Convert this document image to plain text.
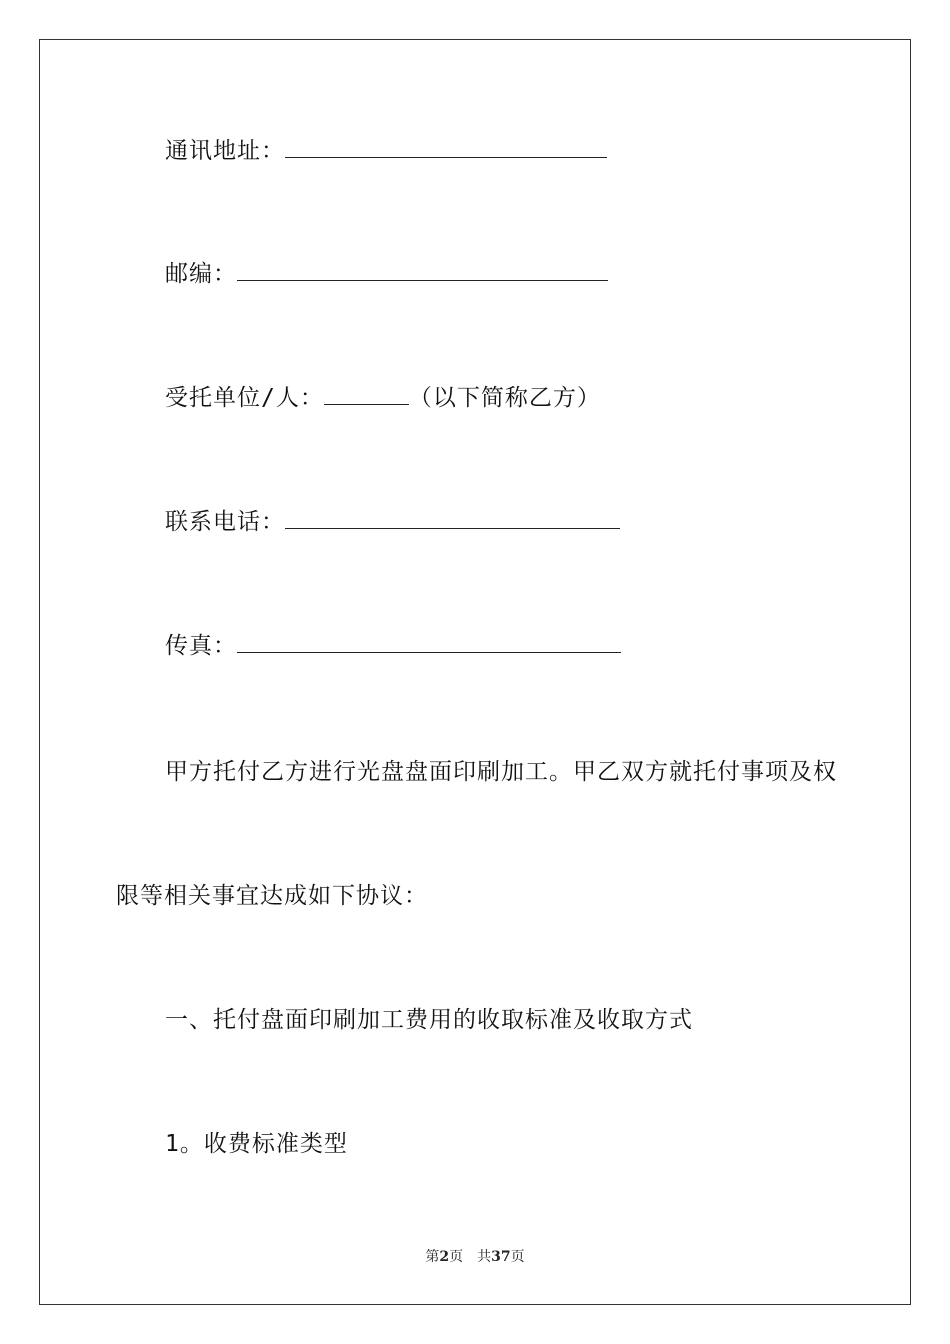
通讯地址：
邮编：
受托单位/人：	（以下简称乙方）
联系电话：
传真：
甲方托付乙方进行光盘盘面印刷加工。甲乙双方就托付事项及权
限等相关事宜达成如下协议：
一、托付盘面印刷加工费用的收取标准及收取方式
1。收费标准类型
第2页 共37页
